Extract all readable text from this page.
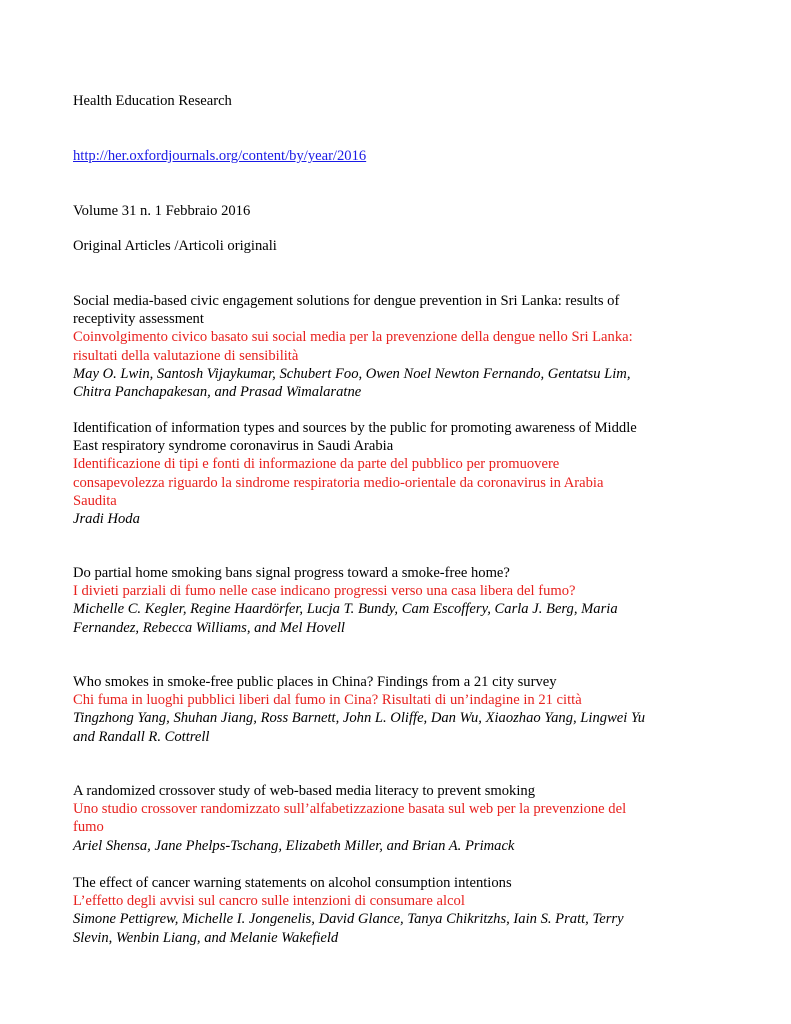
Health Education Research
http://her.oxfordjournals.org/content/by/year/2016
Volume 31 n. 1 Febbraio 2016
Original Articles /Articoli originali
Social media-based civic engagement solutions for dengue prevention in Sri Lanka: results of
receptivity assessment
Coinvolgimento civico basato sui social media per la prevenzione della dengue nello Sri Lanka:
risultati della valutazione di sensibilità
May O. Lwin, Santosh Vijaykumar, Schubert Foo, Owen Noel Newton Fernando, Gentatsu Lim,
Chitra Panchapakesan, and Prasad Wimalaratne
Identification of information types and sources by the public for promoting awareness of Middle
East respiratory syndrome coronavirus in Saudi Arabia
Identificazione di tipi e fonti di informazione da parte del pubblico per promuovere
consapevolezza riguardo la sindrome respiratoria medio-orientale da coronavirus in Arabia
Saudita
Jradi Hoda
Do partial home smoking bans signal progress toward a smoke-free home?
I divieti parziali di fumo nelle case indicano progressi verso una casa libera del fumo?
Michelle C. Kegler, Regine Haardörfer, Lucja T. Bundy, Cam Escoffery, Carla J. Berg, Maria
Fernandez, Rebecca Williams, and Mel Hovell
Who smokes in smoke-free public places in China? Findings from a 21 city survey
Chi fuma in luoghi pubblici liberi dal fumo in Cina? Risultati di un’indagine in 21 città
Tingzhong Yang, Shuhan Jiang, Ross Barnett, John L. Oliffe, Dan Wu, Xiaozhao Yang, Lingwei Yu
and Randall R. Cottrell
A randomized crossover study of web-based media literacy to prevent smoking
Uno studio crossover randomizzato sull’alfabetizzazione basata sul web per la prevenzione del
fumo
Ariel Shensa, Jane Phelps-Tschang, Elizabeth Miller, and Brian A. Primack
The effect of cancer warning statements on alcohol consumption intentions
L’effetto degli avvisi sul cancro sulle intenzioni di consumare alcol
Simone Pettigrew, Michelle I. Jongenelis, David Glance, Tanya Chikritzhs, Iain S. Pratt, Terry
Slevin, Wenbin Liang, and Melanie Wakefield
